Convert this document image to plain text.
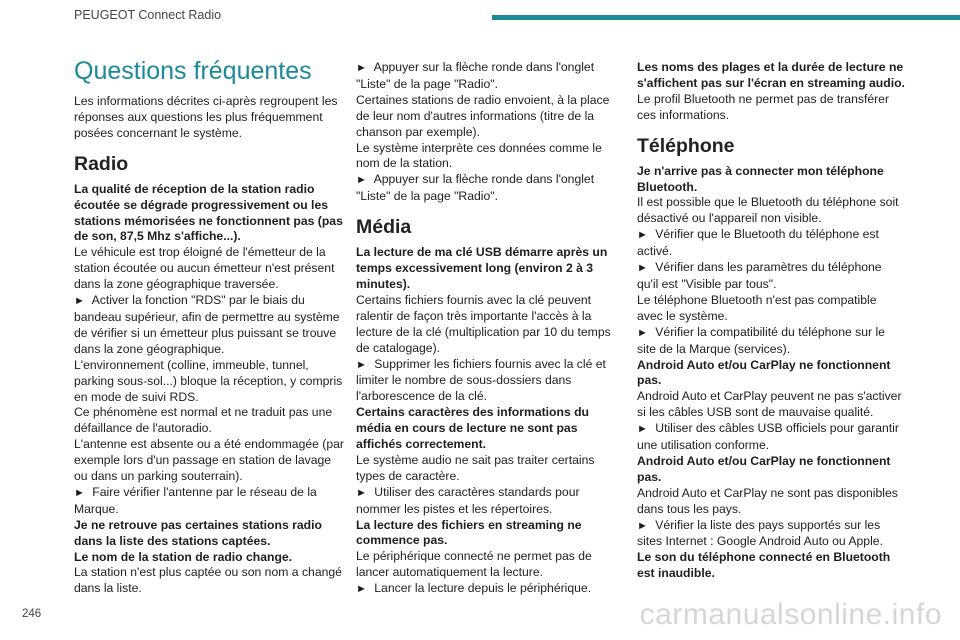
PEUGEOT Connect Radio
Questions fréquentes

Les informations décrites ci-après regroupent les réponses aux questions les plus fréquemment posées concernant le système.

Radio

La qualité de réception de la station radio écoutée se dégrade progressivement ou les stations mémorisées ne fonctionnent pas (pas de son, 87,5 Mhz s'affiche...).

Le véhicule est trop éloigné de l'émetteur de la station écoutée ou aucun émetteur n'est présent dans la zone géographique traversée.

► Activer la fonction "RDS" par le biais du bandeau supérieur, afin de permettre au système de vérifier si un émetteur plus puissant se trouve dans la zone géographique.

L'environnement (colline, immeuble, tunnel, parking sous-sol...) bloque la réception, y compris en mode de suivi RDS.

Ce phénomène est normal et ne traduit pas une défaillance de l'autoradio.

L'antenne est absente ou a été endommagée (par exemple lors d'un passage en station de lavage ou dans un parking souterrain).

► Faire vérifier l'antenne par le réseau de la Marque.

Je ne retrouve pas certaines stations radio dans la liste des stations captées.

Le nom de la station de radio change.

La station n'est plus captée ou son nom a changé dans la liste.

► Appuyer sur la flèche ronde dans l'onglet "Liste" de la page "Radio".

Certaines stations de radio envoient, à la place de leur nom d'autres informations (titre de la chanson par exemple).

Le système interprète ces données comme le nom de la station.

► Appuyer sur la flèche ronde dans l'onglet "Liste" de la page "Radio".

Média

La lecture de ma clé USB démarre après un temps excessivement long (environ 2 à 3 minutes).

Certains fichiers fournis avec la clé peuvent ralentir de façon très importante l'accès à la lecture de la clé (multiplication par 10 du temps de catalogage).

► Supprimer les fichiers fournis avec la clé et limiter le nombre de sous-dossiers dans l'arborescence de la clé.

Certains caractères des informations du média en cours de lecture ne sont pas affichés correctement.

Le système audio ne sait pas traiter certains types de caractère.

► Utiliser des caractères standards pour nommer les pistes et les répertoires.

La lecture des fichiers en streaming ne commence pas.

Le périphérique connecté ne permet pas de lancer automatiquement la lecture.

► Lancer la lecture depuis le périphérique.

Les noms des plages et la durée de lecture ne s'affichent pas sur l'écran en streaming audio.

Le profil Bluetooth ne permet pas de transférer ces informations.

Téléphone

Je n'arrive pas à connecter mon téléphone Bluetooth.

Il est possible que le Bluetooth du téléphone soit désactivé ou l'appareil non visible.

► Vérifier que le Bluetooth du téléphone est activé.

► Vérifier dans les paramètres du téléphone qu'il est "Visible par tous".

Le téléphone Bluetooth n'est pas compatible avec le système.

► Vérifier la compatibilité du téléphone sur le site de la Marque (services).

Android Auto et/ou CarPlay ne fonctionnent pas.

Android Auto et CarPlay peuvent ne pas s'activer si les câbles USB sont de mauvaise qualité.

► Utiliser des câbles USB officiels pour garantir une utilisation conforme.

Android Auto et/ou CarPlay ne fonctionnent pas.

Android Auto et CarPlay ne sont pas disponibles dans tous les pays.

► Vérifier la liste des pays supportés sur les sites Internet : Google Android Auto ou Apple.

Le son du téléphone connecté en Bluetooth est inaudible.

246	carmanualsonline.info
